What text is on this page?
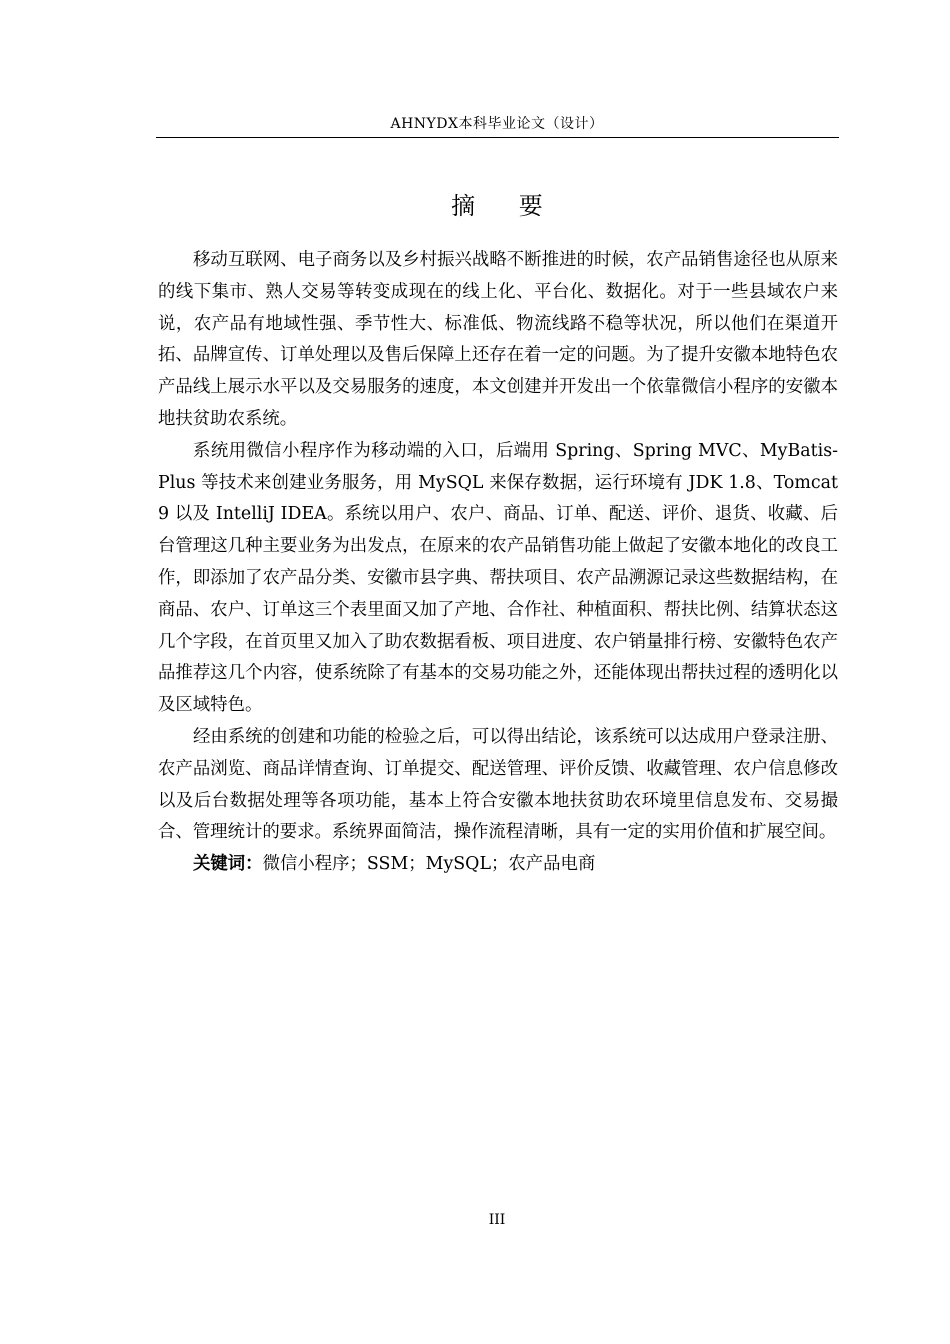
AHNYDX本科毕业论文（设计）
摘 要

移动互联网、电子商务以及乡村振兴战略不断推进的时候，农产品销售途径也从原来的线下集市、熟人交易等转变成现在的线上化、平台化、数据化。对于一些县域农户来说，农产品有地域性强、季节性大、标准低、物流线路不稳等状况，所以他们在渠道开拓、品牌宣传、订单处理以及售后保障上还存在着一定的问题。为了提升安徽本地特色农产品线上展示水平以及交易服务的速度，本文创建并开发出一个依靠微信小程序的安徽本地扶贫助农系统。

系统用微信小程序作为移动端的入口，后端用 Spring、Spring MVC、MyBatis-Plus 等技术来创建业务服务，用 MySQL 来保存数据，运行环境有 JDK 1.8、Tomcat 9 以及 IntelliJ IDEA。系统以用户、农户、商品、订单、配送、评价、退货、收藏、后台管理这几种主要业务为出发点，在原来的农产品销售功能上做起了安徽本地化的改良工作，即添加了农产品分类、安徽市县字典、帮扶项目、农产品溯源记录这些数据结构，在商品、农户、订单这三个表里面又加了产地、合作社、种植面积、帮扶比例、结算状态这几个字段，在首页里又加入了助农数据看板、项目进度、农户销量排行榜、安徽特色农产品推荐这几个内容，使系统除了有基本的交易功能之外，还能体现出帮扶过程的透明化以及区域特色。

经由系统的创建和功能的检验之后，可以得出结论，该系统可以达成用户登录注册、农产品浏览、商品详情查询、订单提交、配送管理、评价反馈、收藏管理、农户信息修改以及后台数据处理等各项功能，基本上符合安徽本地扶贫助农环境里信息发布、交易撮合、管理统计的要求。系统界面简洁，操作流程清晰，具有一定的实用价值和扩展空间。

关键词：微信小程序；SSM；MySQL；农产品电商

III
